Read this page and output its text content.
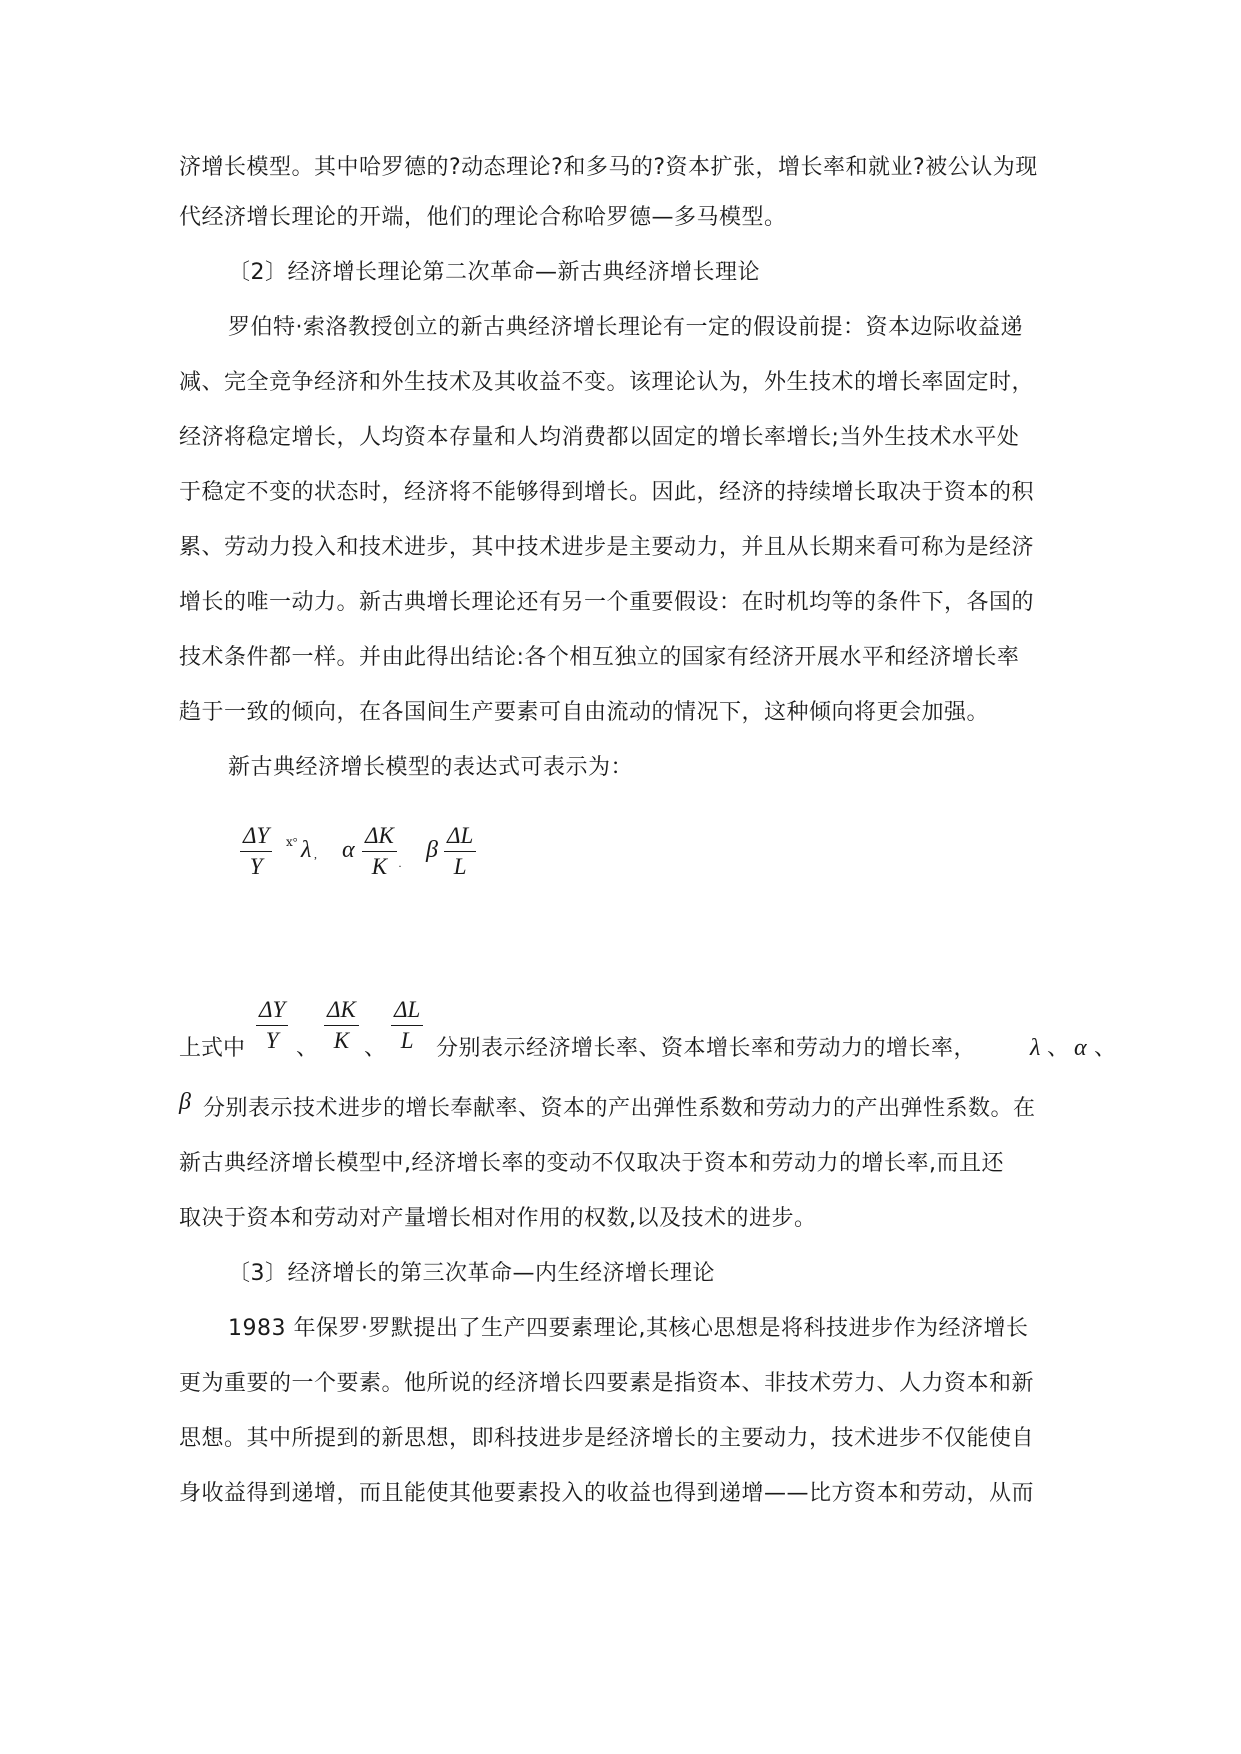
济增长模型。其中哈罗德的?动态理论?和多马的?资本扩张，增长率和就业?被公认为现
代经济增长理论的开端，他们的理论合称哈罗德—多马模型。
〔2〕经济增长理论第二次革命—新古典经济增长理论
罗伯特·索洛教授创立的新古典经济增长理论有一定的假设前提：资本边际收益递
减、完全竞争经济和外生技术及其收益不变。该理论认为，外生技术的增长率固定时，
经济将稳定增长，人均资本存量和人均消费都以固定的增长率增长;当外生技术水平处
于稳定不变的状态时，经济将不能够得到增长。因此，经济的持续增长取决于资本的积
累、劳动力投入和技术进步，其中技术进步是主要动力，并且从长期来看可称为是经济
增长的唯一动力。新古典增长理论还有另一个重要假设：在时机均等的条件下，各国的
技术条件都一样。并由此得出结论:各个相互独立的国家有经济开展水平和经济增长率
趋于一致的倾向，在各国间生产要素可自由流动的情况下，这种倾向将更会加强。
新古典经济增长模型的表达式可表示为：
$\frac{\Delta Y}{Y}$ ⅹ° λ , α $\frac{\Delta K}{K}$ ·
β $\frac{\Delta L}{L}$
上式中 $\frac{\Delta Y}{Y}$ 、 $\frac{\Delta K}{K}$ 、 $\frac{\Delta L}{L}$ 分别表示经济增长率、资本增长率和劳动力的增长率， λ 、 α 、
β 分别表示技术进步的增长奉献率、资本的产出弹性系数和劳动力的产出弹性系数。在
新古典经济增长模型中,经济增长率的变动不仅取决于资本和劳动力的增长率,而且还
取决于资本和劳动对产量增长相对作用的权数,以及技术的进步。
〔3〕经济增长的第三次革命—内生经济增长理论
1983 年保罗·罗默提出了生产四要素理论,其核心思想是将科技进步作为经济增长
更为重要的一个要素。他所说的经济增长四要素是指资本、非技术劳力、人力资本和新
思想。其中所提到的新思想，即科技进步是经济增长的主要动力，技术进步不仅能使自
身收益得到递增，而且能使其他要素投入的收益也得到递增——比方资本和劳动，从而
